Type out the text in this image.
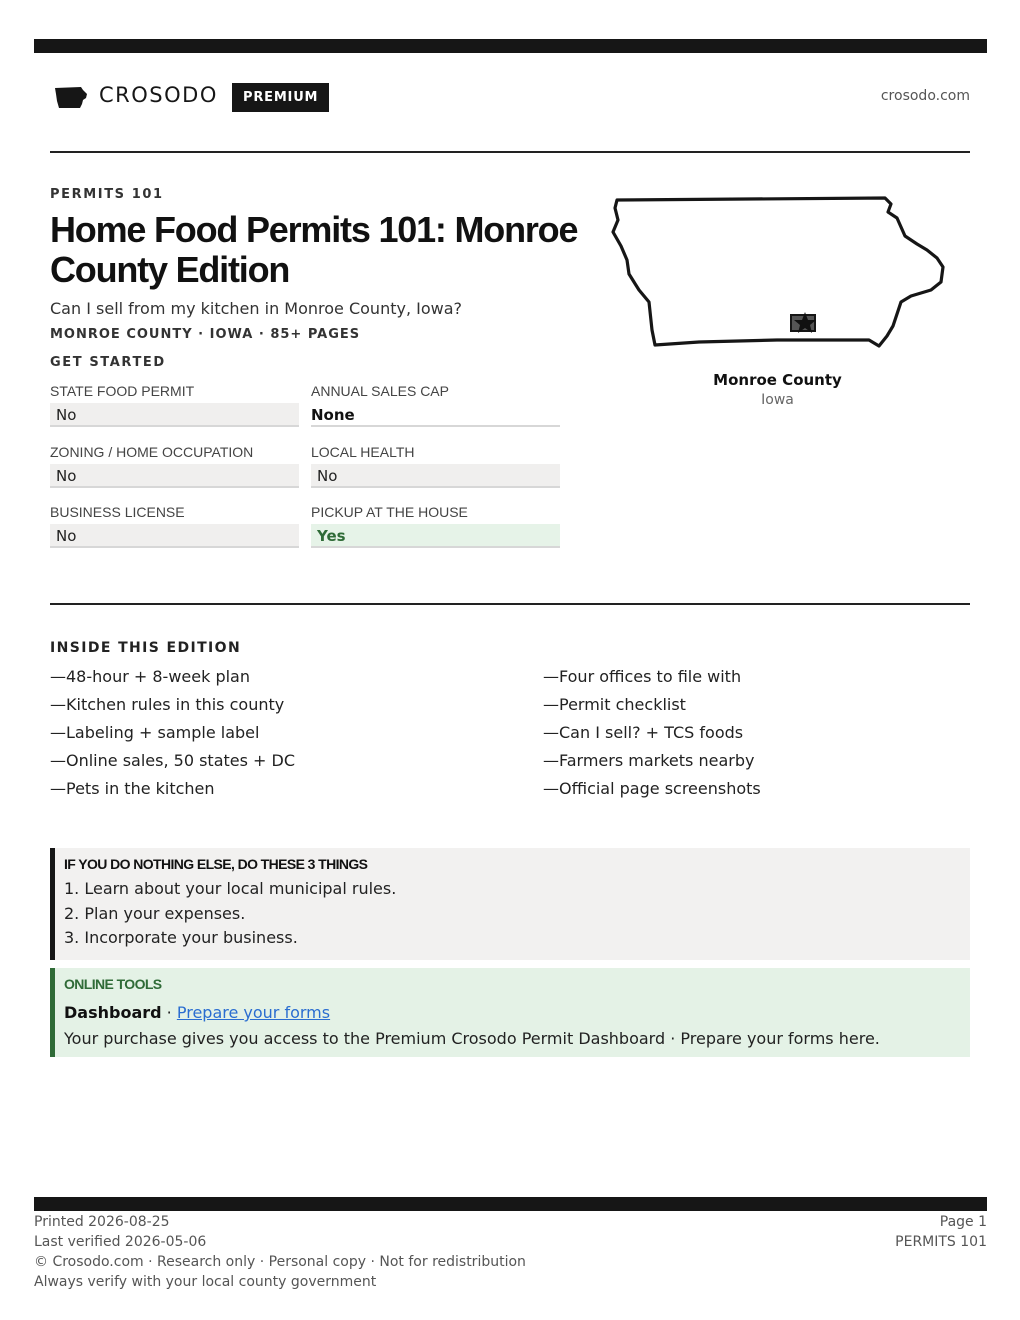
CROSODO	PREMIUM	crosodo.com
PERMITS 101
Home Food Permits 101: Monroe County Edition
Can I sell from my kitchen in Monroe County, Iowa?
MONROE COUNTY · IOWA · 85+ PAGES
GET STARTED
STATE FOOD PERMIT
No
ANNUAL SALES CAP
None
ZONING / HOME OCCUPATION
No
LOCAL HEALTH
No
BUSINESS LICENSE
No
PICKUP AT THE HOUSE
Yes
Monroe County
Iowa
INSIDE THIS EDITION
—48-hour + 8-week plan
—Kitchen rules in this county
—Labeling + sample label
—Online sales, 50 states + DC
—Pets in the kitchen
—Four offices to file with
—Permit checklist
—Can I sell? + TCS foods
—Farmers markets nearby
—Official page screenshots
IF YOU DO NOTHING ELSE, DO THESE 3 THINGS
1. Learn about your local municipal rules.
2. Plan your expenses.
3. Incorporate your business.
ONLINE TOOLS
Dashboard · Prepare your forms
Your purchase gives you access to the Premium Crosodo Permit Dashboard · Prepare your forms here.
Printed 2026-08-25
Last verified 2026-05-06
© Crosodo.com · Research only · Personal copy · Not for redistribution
Always verify with your local county government
Page 1
PERMITS 101
